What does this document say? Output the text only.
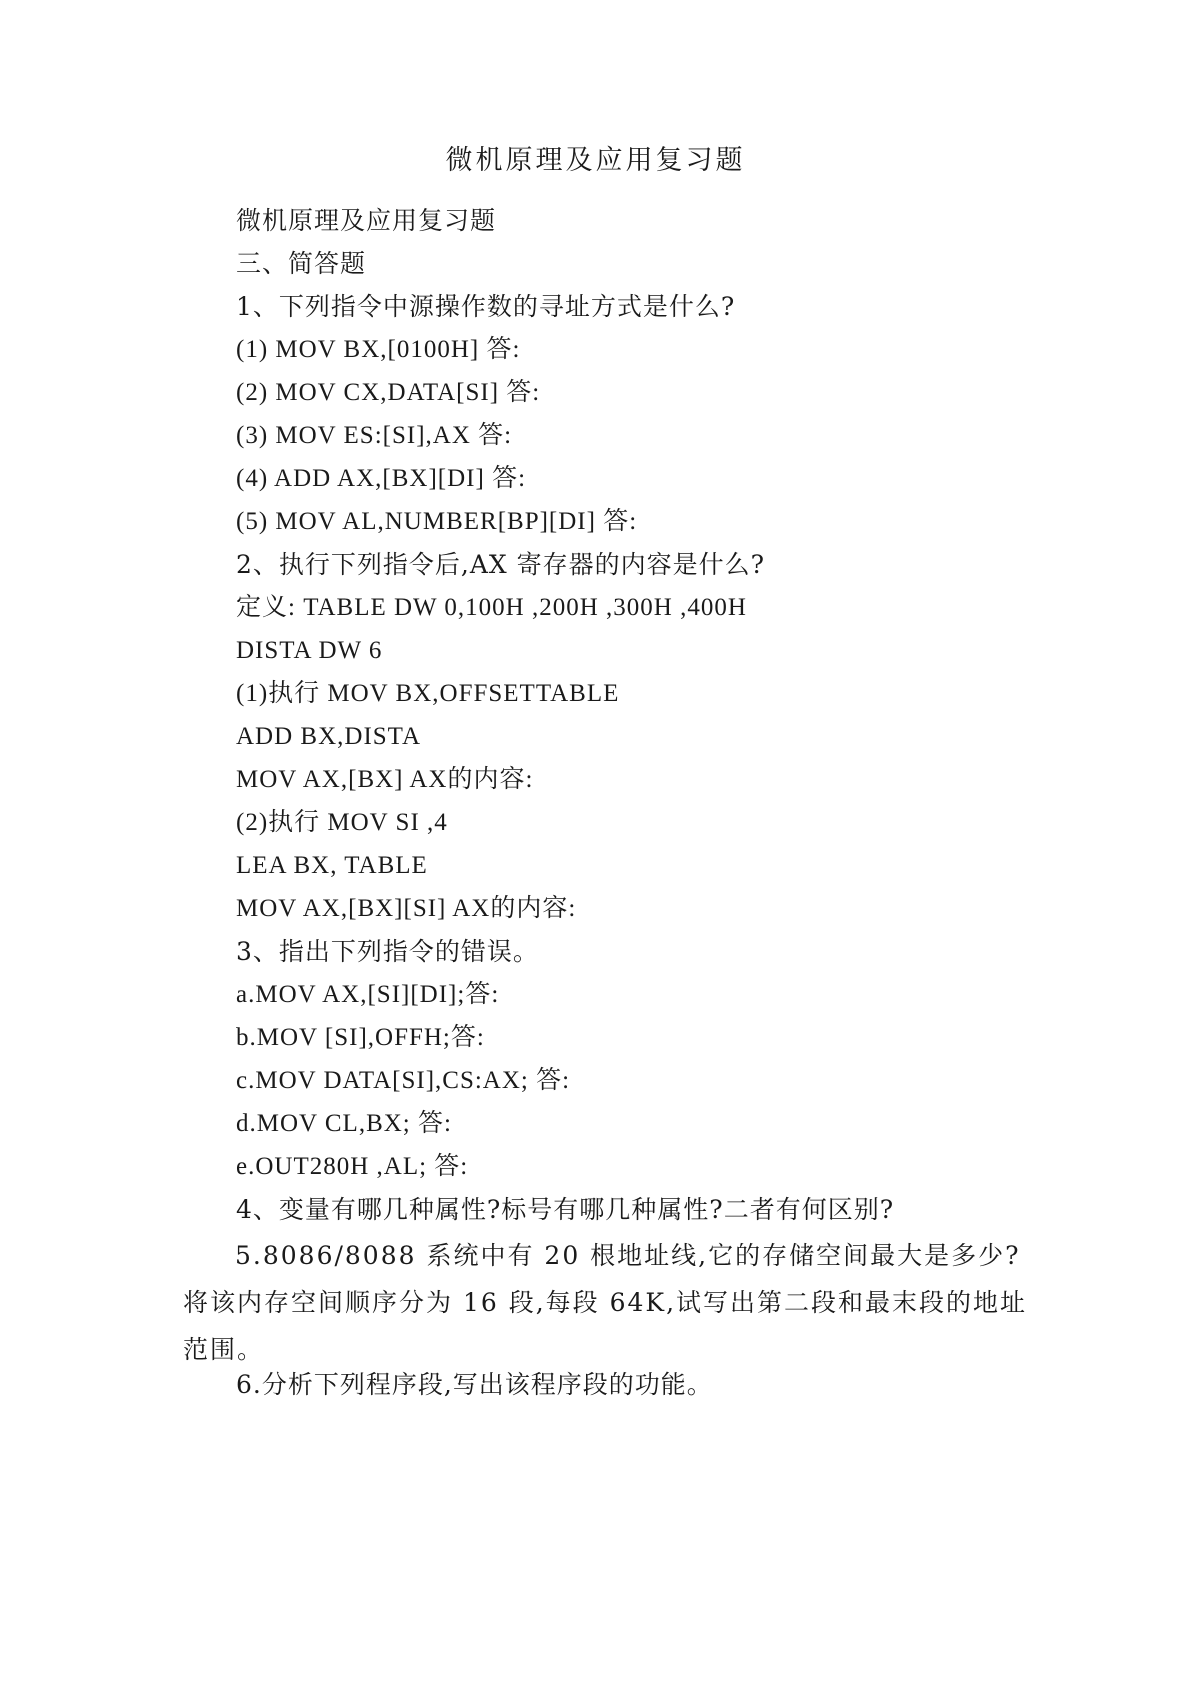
微机原理及应用复习题
微机原理及应用复习题
三、简答题
1、下列指令中源操作数的寻址方式是什么?
(1) MOV BX,[0100H] 答:
(2) MOV CX,DATA[SI] 答:
(3) MOV ES:[SI],AX 答:
(4) ADD AX,[BX][DI] 答:
(5) MOV AL,NUMBER[BP][DI] 答:
2、执行下列指令后,AX 寄存器的内容是什么?
定义: TABLE DW 0,100H ,200H ,300H ,400H
DISTA DW 6
(1)执行 MOV BX,OFFSETTABLE
ADD BX,DISTA
MOV AX,[BX] AX的内容:
(2)执行 MOV SI ,4
LEA BX, TABLE
MOV AX,[BX][SI] AX的内容:
3、指出下列指令的错误。
a.MOV AX,[SI][DI];答:
b.MOV [SI],OFFH;答:
c.MOV DATA[SI],CS:AX; 答:
d.MOV CL,BX; 答:
e.OUT280H ,AL; 答:
4、变量有哪几种属性?标号有哪几种属性?二者有何区别?
5.8086/8088 系统中有 20 根地址线,它的存储空间最大是多少?将该内存空间顺序分为 16 段,每段 64K,试写出第二段和最末段的地址范围。
6.分析下列程序段,写出该程序段的功能。
